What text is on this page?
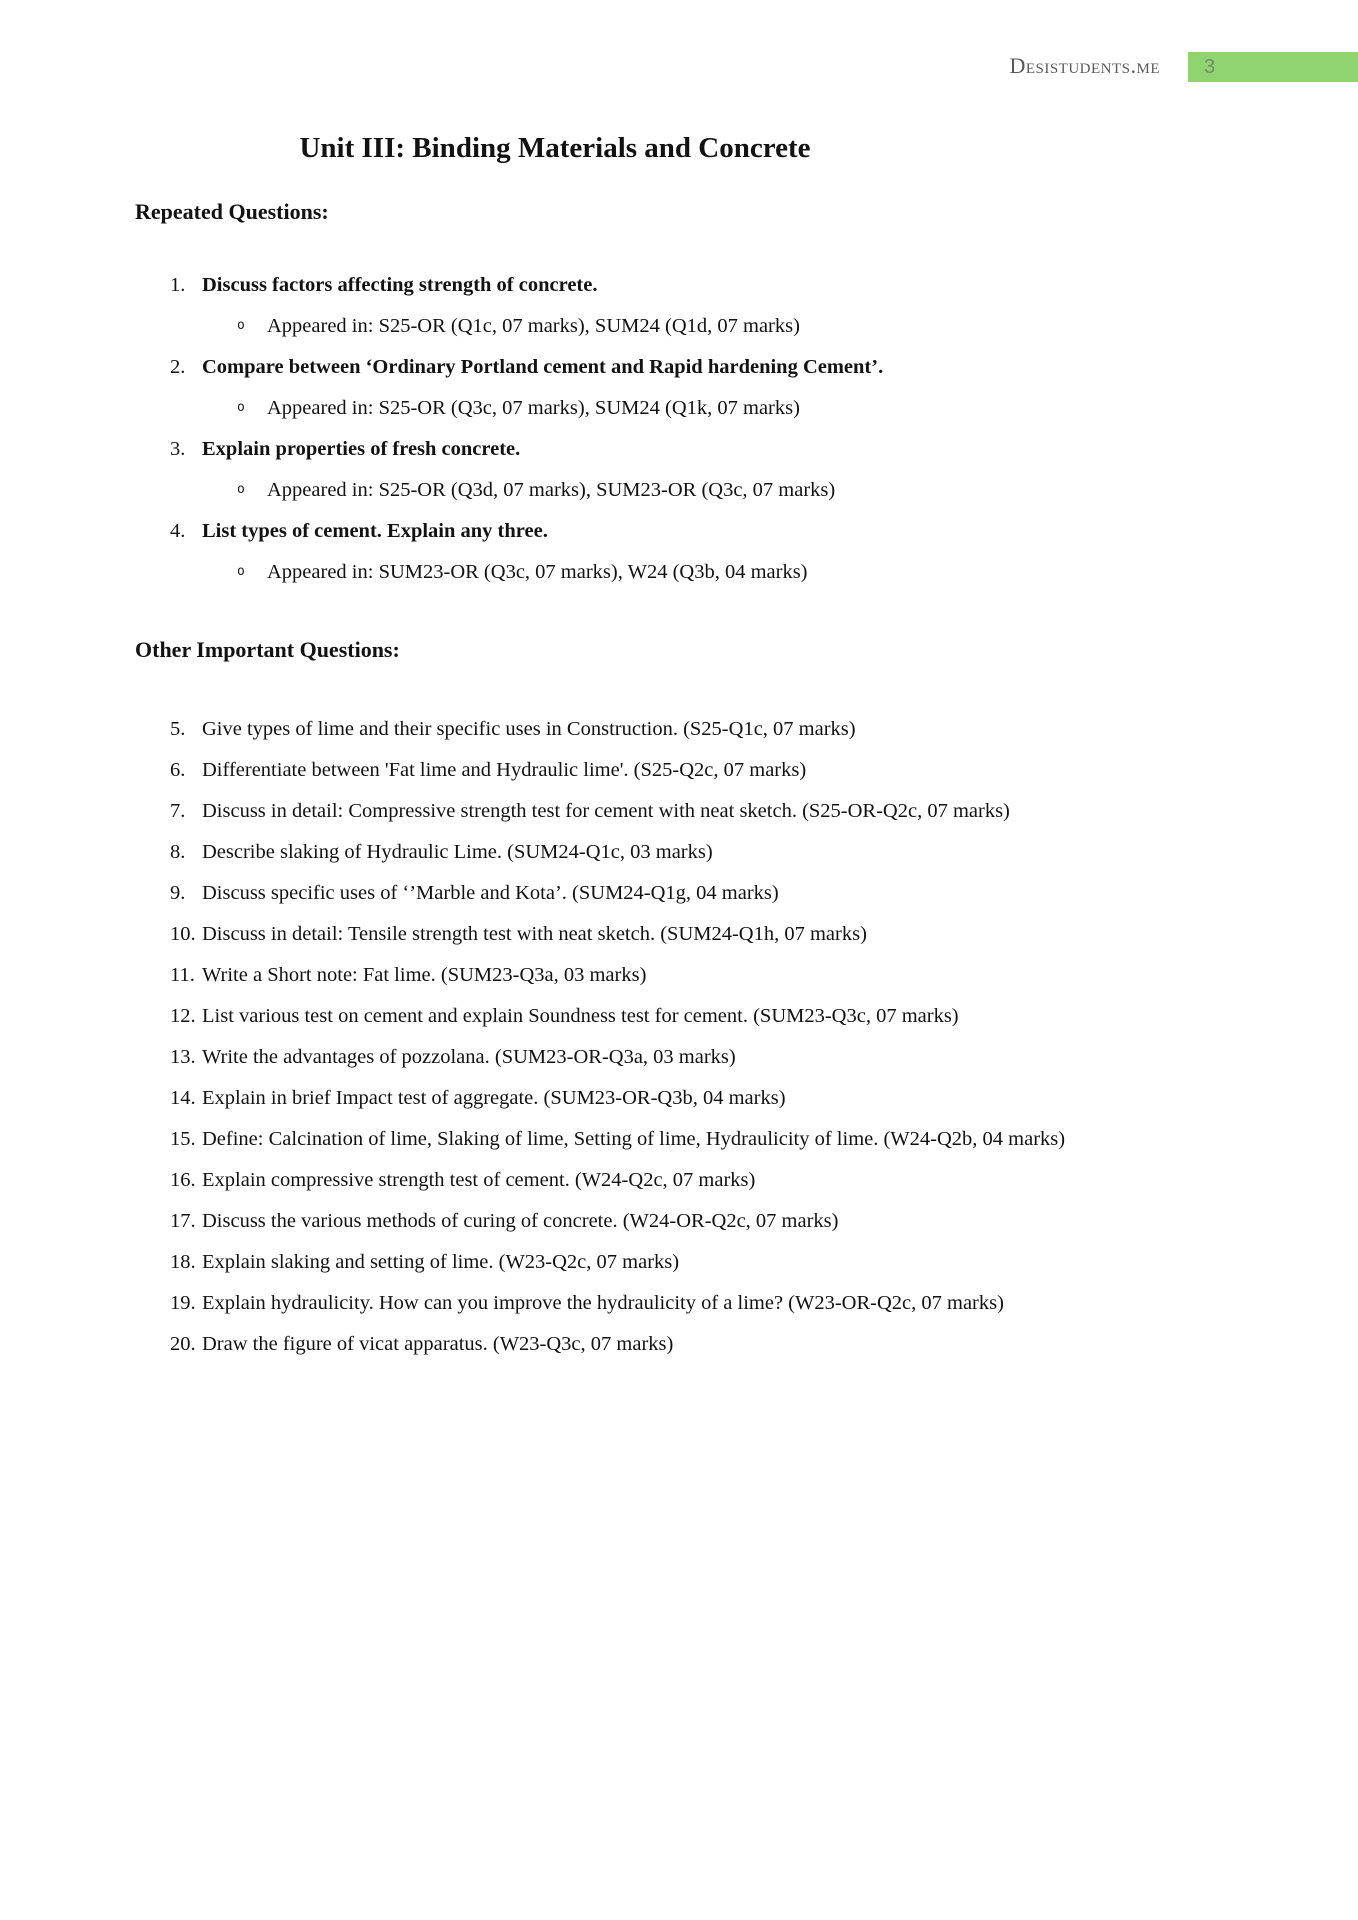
Desistudents.me 3
Unit III: Binding Materials and Concrete
Repeated Questions:
1. Discuss factors affecting strength of concrete.
o	Appeared in: S25-OR (Q1c, 07 marks), SUM24 (Q1d, 07 marks)
2. Compare between ‘Ordinary Portland cement and Rapid hardening Cement’.
o	Appeared in: S25-OR (Q3c, 07 marks), SUM24 (Q1k, 07 marks)
3. Explain properties of fresh concrete.
o	Appeared in: S25-OR (Q3d, 07 marks), SUM23-OR (Q3c, 07 marks)
4. List types of cement. Explain any three.
o	Appeared in: SUM23-OR (Q3c, 07 marks), W24 (Q3b, 04 marks)
Other Important Questions:
5. Give types of lime and their specific uses in Construction. (S25-Q1c, 07 marks)
6. Differentiate between 'Fat lime and Hydraulic lime'. (S25-Q2c, 07 marks)
7. Discuss in detail: Compressive strength test for cement with neat sketch. (S25-OR-Q2c, 07 marks)
8. Describe slaking of Hydraulic Lime. (SUM24-Q1c, 03 marks)
9. Discuss specific uses of ‘’Marble and Kota’. (SUM24-Q1g, 04 marks)
10. Discuss in detail: Tensile strength test with neat sketch. (SUM24-Q1h, 07 marks)
11. Write a Short note: Fat lime. (SUM23-Q3a, 03 marks)
12. List various test on cement and explain Soundness test for cement. (SUM23-Q3c, 07 marks)
13. Write the advantages of pozzolana. (SUM23-OR-Q3a, 03 marks)
14. Explain in brief Impact test of aggregate. (SUM23-OR-Q3b, 04 marks)
15. Define: Calcination of lime, Slaking of lime, Setting of lime, Hydraulicity of lime. (W24-Q2b, 04 marks)
16. Explain compressive strength test of cement. (W24-Q2c, 07 marks)
17. Discuss the various methods of curing of concrete. (W24-OR-Q2c, 07 marks)
18. Explain slaking and setting of lime. (W23-Q2c, 07 marks)
19. Explain hydraulicity. How can you improve the hydraulicity of a lime? (W23-OR-Q2c, 07 marks)
20. Draw the figure of vicat apparatus. (W23-Q3c, 07 marks)
